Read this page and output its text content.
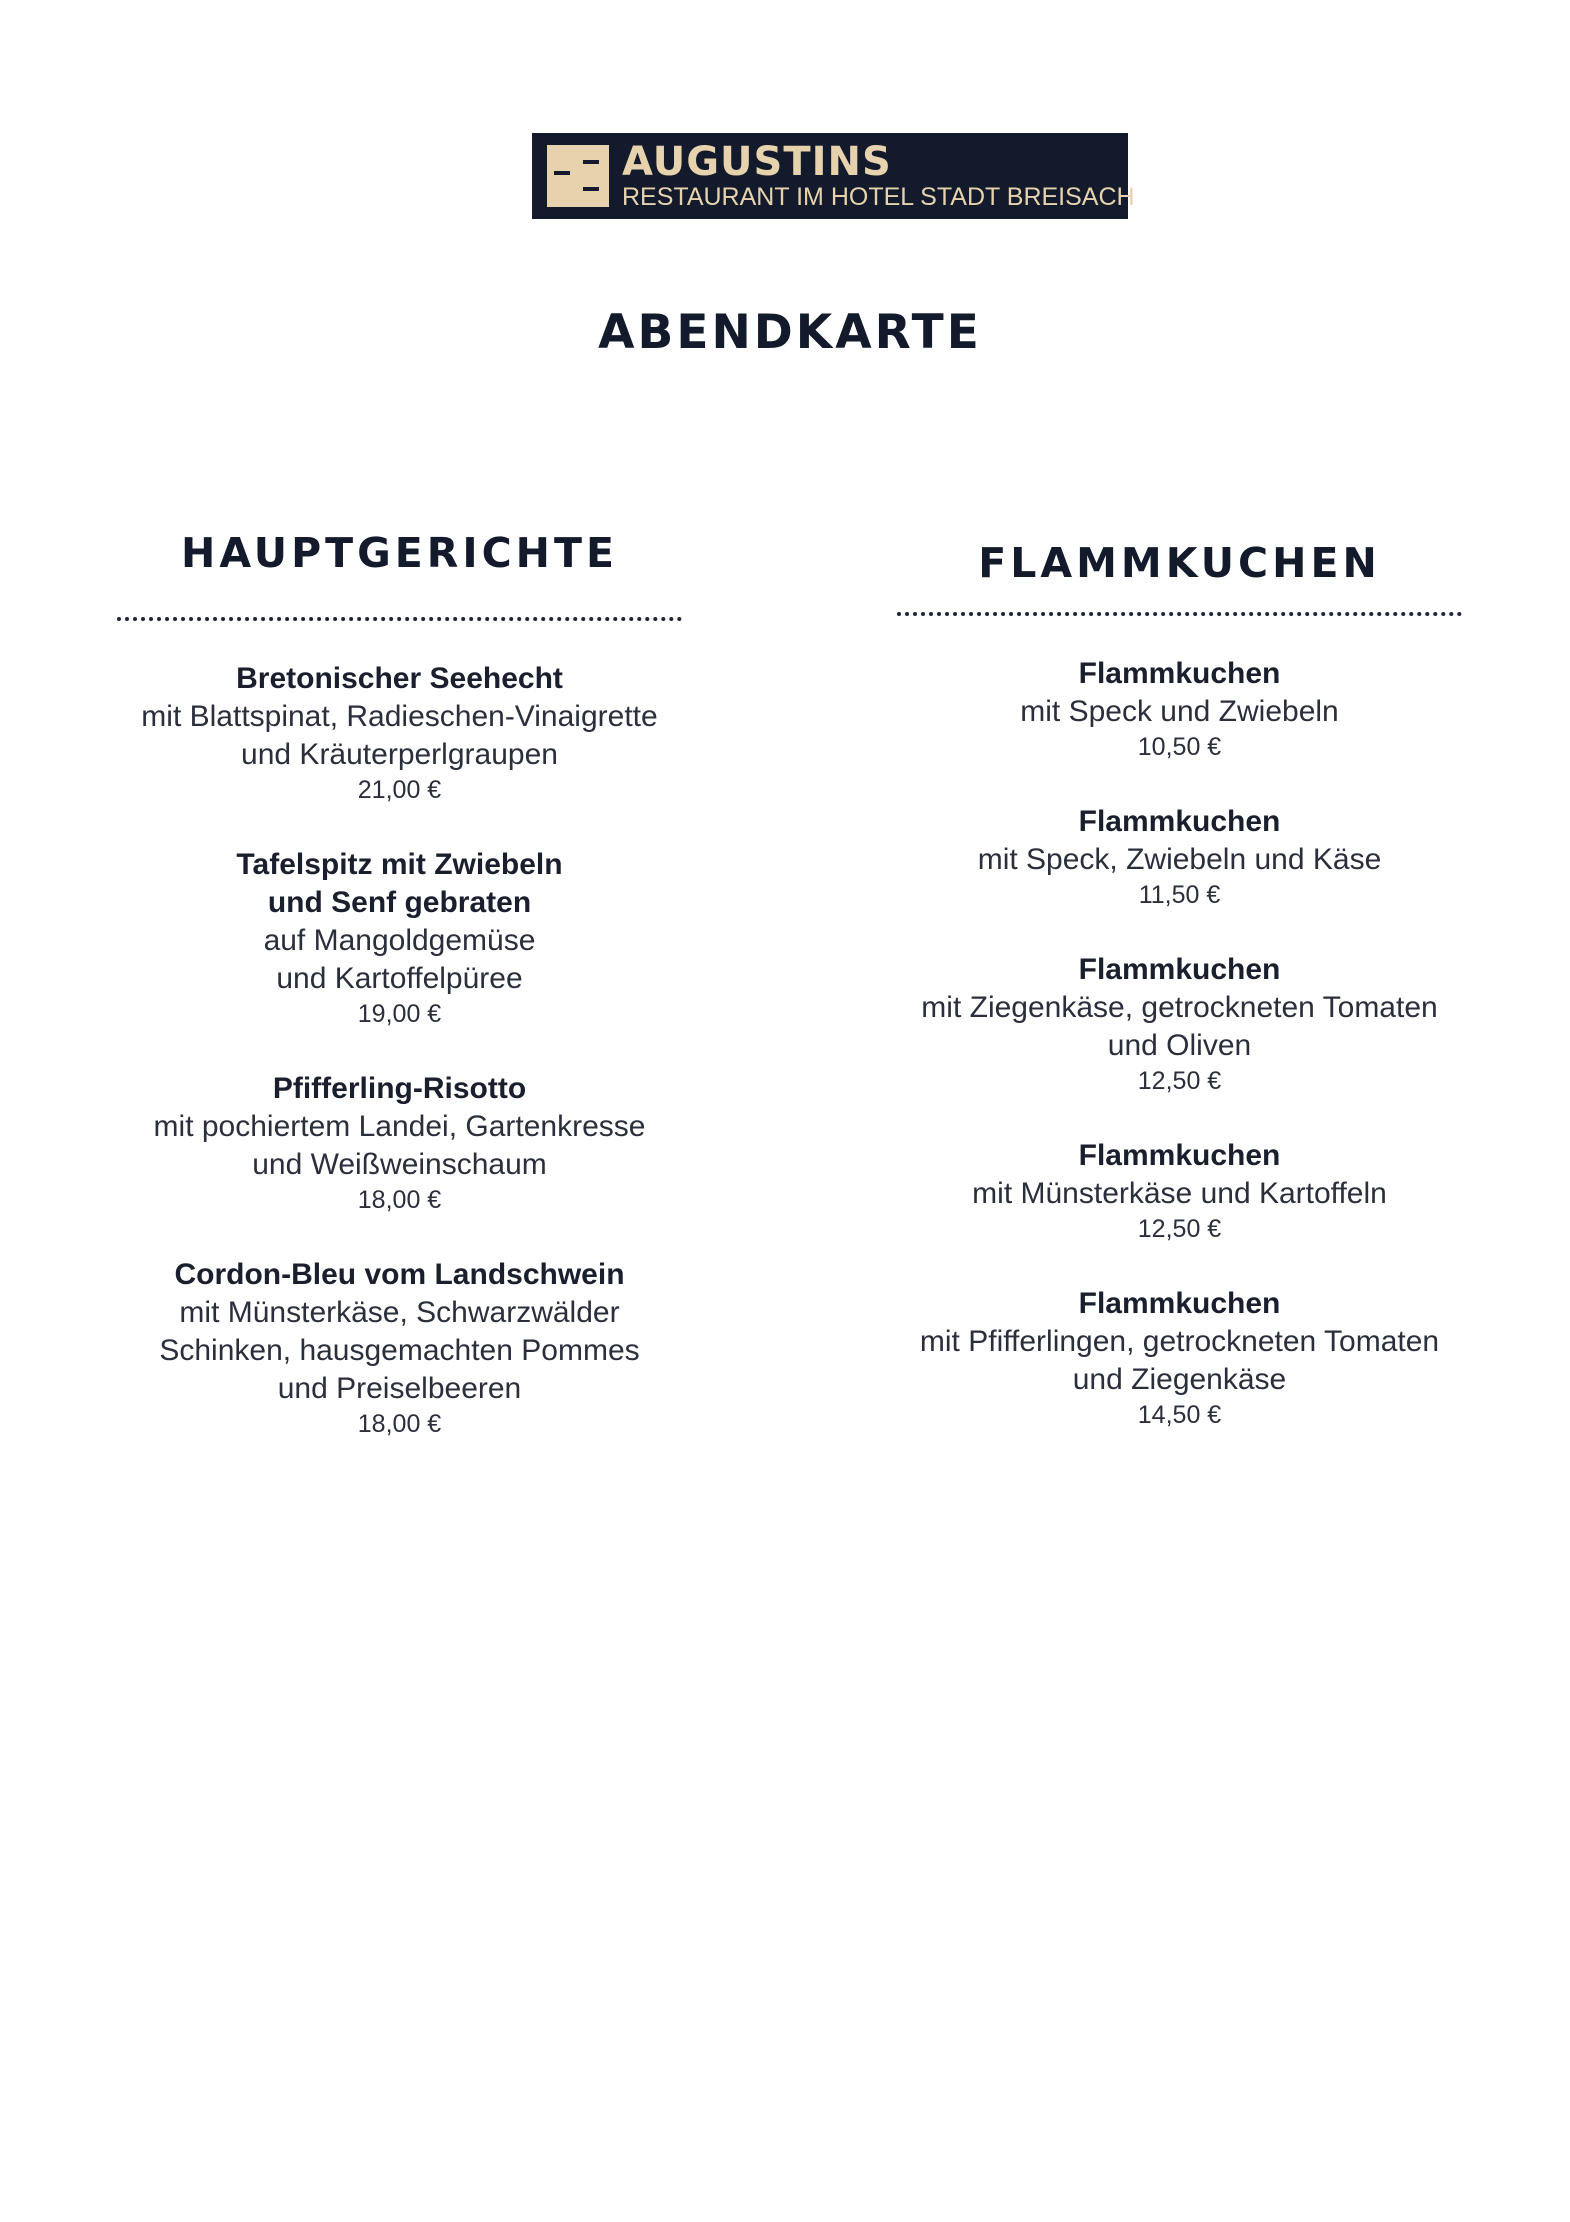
AUGUSTINS
RESTAURANT IM HOTEL STADT BREISACH
ABENDKARTE
HAUPTGERICHTE
Bretonischer Seehecht
mit Blattspinat, Radieschen-Vinaigrette
und Kräuterperlgraupen
21,00 €
Tafelspitz mit Zwiebeln
und Senf gebraten
auf Mangoldgemüse
und Kartoffelpüree
19,00 €
Pfifferling-Risotto
mit pochiertem Landei, Gartenkresse
und Weißweinschaum
18,00 €
Cordon-Bleu vom Landschwein
mit Münsterkäse, Schwarzwälder
Schinken, hausgemachten Pommes
und Preiselbeeren
18,00 €
FLAMMKUCHEN
Flammkuchen
mit Speck und Zwiebeln
10,50 €
Flammkuchen
mit Speck, Zwiebeln und Käse
11,50 €
Flammkuchen
mit Ziegenkäse, getrockneten Tomaten
und Oliven
12,50 €
Flammkuchen
mit Münsterkäse und Kartoffeln
12,50 €
Flammkuchen
mit Pfifferlingen, getrockneten Tomaten
und Ziegenkäse
14,50 €
